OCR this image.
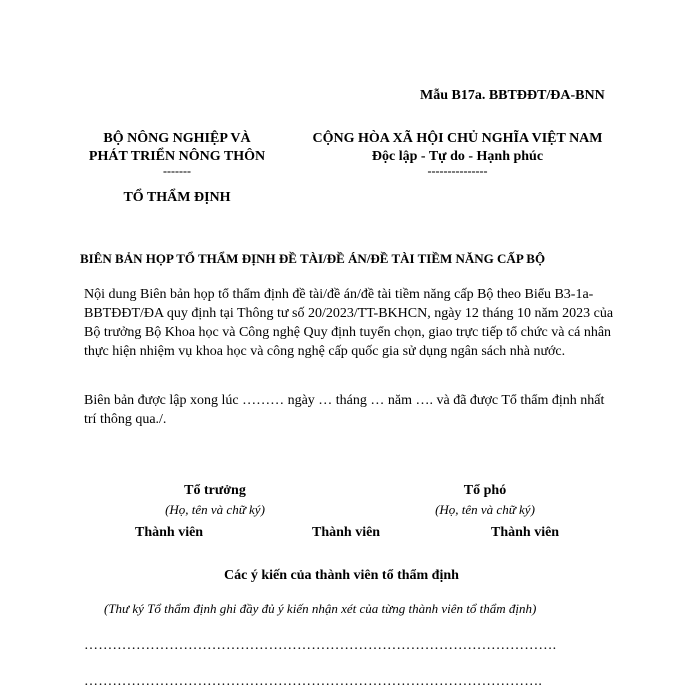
Mẫu B17a. BBTĐĐT/ĐA-BNN
BỘ NÔNG NGHIỆP VÀ
PHÁT TRIỂN NÔNG THÔN
-------
CỘNG HÒA XÃ HỘI CHỦ NGHĨA VIỆT NAM
Độc lập - Tự do - Hạnh phúc
---------------
TỔ THẨM ĐỊNH
BIÊN BẢN HỌP TỔ THẨM ĐỊNH ĐỀ TÀI/ĐỀ ÁN/ĐỀ TÀI TIỀM NĂNG CẤP BỘ
Nội dung Biên bản họp tổ thẩm định đề tài/đề án/đề tài tiềm năng cấp Bộ theo Biểu B3-1a-BBTĐĐT/ĐA quy định tại Thông tư số 20/2023/TT-BKHCN, ngày 12 tháng 10 năm 2023 của Bộ trưởng Bộ Khoa học và Công nghệ Quy định tuyển chọn, giao trực tiếp tổ chức và cá nhân thực hiện nhiệm vụ khoa học và công nghệ cấp quốc gia sử dụng ngân sách nhà nước.
Biên bản được lập xong lúc ……… ngày … tháng … năm …. và đã được Tổ thẩm định nhất trí thông qua./.
Tổ trưởng
(Họ, tên và chữ ký)
Tổ phó
(Họ, tên và chữ ký)
Thành viên	Thành viên	Thành viên
Các ý kiến của thành viên tổ thẩm định
(Thư ký Tổ thẩm định ghi đầy đủ ý kiến nhận xét của từng thành viên tổ thẩm định)
……………………………………………………………………………………….
…………………………………………………………………………………….
